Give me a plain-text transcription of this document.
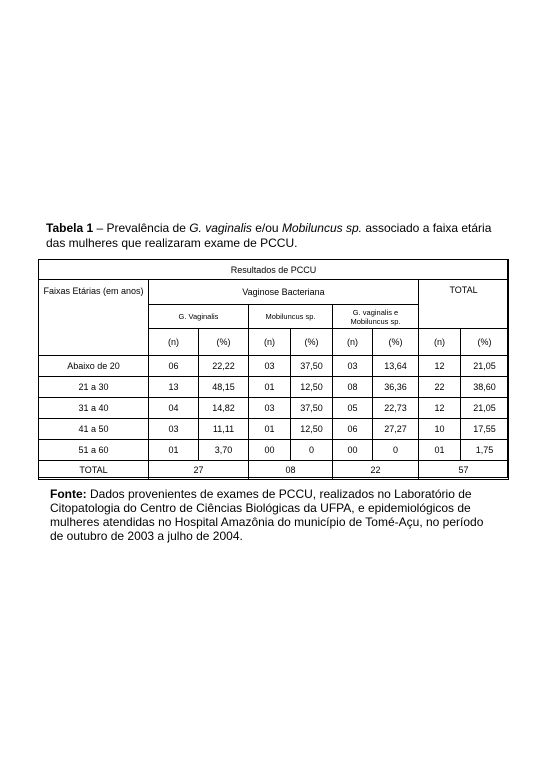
Tabela 1 – Prevalência de G. vaginalis e/ou Mobiluncus sp. associado a faixa etária das mulheres que realizaram exame de PCCU.
Resultados de PCCU								
Faixas Etárias (em anos)	Vaginose Bacteriana						TOTAL	
	G. Vaginalis		Mobiluncus sp.		G. vaginalis e Mobiluncus sp.			
	(n)	(%)	(n)	(%)	(n)	(%)	(n)	(%)
Abaixo de 20	06	22,22	03	37,50	03	13,64	12	21,05
21 a 30	13	48,15	01	12,50	08	36,36	22	38,60
31 a 40	04	14,82	03	37,50	05	22,73	12	21,05
41 a 50	03	11,11	01	12,50	06	27,27	10	17,55
51 a 60	01	3,70	00	0	00	0	01	1,75
TOTAL	27		08		22		57	
Fonte: Dados provenientes de exames de PCCU, realizados no Laboratório de Citopatologia do Centro de Ciências Biológicas da UFPA, e epidemiológicos de mulheres atendidas no Hospital Amazônia do município de Tomé-Açu, no período de outubro de 2003 a julho de 2004.
